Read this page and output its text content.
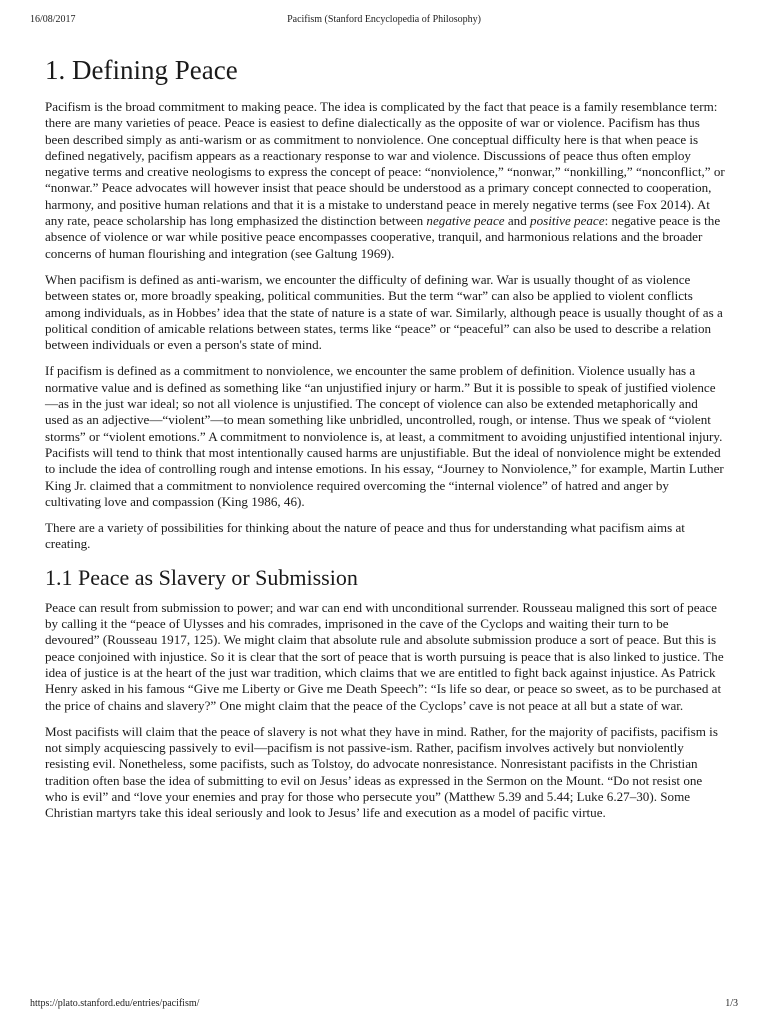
16/08/2017	Pacifism (Stanford Encyclopedia of Philosophy)
1. Defining Peace

Pacifism is the broad commitment to making peace. The idea is complicated by the fact that peace is a family resemblance term: there are many varieties of peace. Peace is easiest to define dialectically as the opposite of war or violence. Pacifism has thus been described simply as anti-warism or as commitment to nonviolence. One conceptual difficulty here is that when peace is defined negatively, pacifism appears as a reactionary response to war and violence. Discussions of peace thus often employ negative terms and creative neologisms to express the concept of peace: “nonviolence,” “nonwar,” “nonkilling,” “nonconflict,” or “nonwar.” Peace advocates will however insist that peace should be understood as a primary concept connected to cooperation, harmony, and positive human relations and that it is a mistake to understand peace in merely negative terms (see Fox 2014). At any rate, peace scholarship has long emphasized the distinction between negative peace and positive peace: negative peace is the absence of violence or war while positive peace encompasses cooperative, tranquil, and harmonious relations and the broader concerns of human flourishing and integration (see Galtung 1969).

When pacifism is defined as anti-warism, we encounter the difficulty of defining war. War is usually thought of as violence between states or, more broadly speaking, political communities. But the term “war” can also be applied to violent conflicts among individuals, as in Hobbes’ idea that the state of nature is a state of war. Similarly, although peace is usually thought of as a political condition of amicable relations between states, terms like “peace” or “peaceful” can also be used to describe a relation between individuals or even a person's state of mind.

If pacifism is defined as a commitment to nonviolence, we encounter the same problem of definition. Violence usually has a normative value and is defined as something like “an unjustified injury or harm.” But it is possible to speak of justified violence—as in the just war ideal; so not all violence is unjustified. The concept of violence can also be extended metaphorically and used as an adjective—“violent”—to mean something like unbridled, uncontrolled, rough, or intense. Thus we speak of “violent storms” or “violent emotions.” A commitment to nonviolence is, at least, a commitment to avoiding unjustified intentional injury. Pacifists will tend to think that most intentionally caused harms are unjustifiable. But the ideal of nonviolence might be extended to include the idea of controlling rough and intense emotions. In his essay, “Journey to Nonviolence,” for example, Martin Luther King Jr. claimed that a commitment to nonviolence required overcoming the “internal violence” of hatred and anger by cultivating love and compassion (King 1986, 46).

There are a variety of possibilities for thinking about the nature of peace and thus for understanding what pacifism aims at creating.

1.1 Peace as Slavery or Submission

Peace can result from submission to power; and war can end with unconditional surrender. Rousseau maligned this sort of peace by calling it the “peace of Ulysses and his comrades, imprisoned in the cave of the Cyclops and waiting their turn to be devoured” (Rousseau 1917, 125). We might claim that absolute rule and absolute submission produce a sort of peace. But this is peace conjoined with injustice. So it is clear that the sort of peace that is worth pursuing is peace that is also linked to justice. The idea of justice is at the heart of the just war tradition, which claims that we are entitled to fight back against injustice. As Patrick Henry asked in his famous “Give me Liberty or Give me Death Speech”: “Is life so dear, or peace so sweet, as to be purchased at the price of chains and slavery?” One might claim that the peace of the Cyclops’ cave is not peace at all but a state of war.

Most pacifists will claim that the peace of slavery is not what they have in mind. Rather, for the majority of pacifists, pacifism is not simply acquiescing passively to evil—pacifism is not passive-ism. Rather, pacifism involves actively but nonviolently resisting evil. Nonetheless, some pacifists, such as Tolstoy, do advocate nonresistance. Nonresistant pacifists in the Christian tradition often base the idea of submitting to evil on Jesus’ ideas as expressed in the Sermon on the Mount. “Do not resist one who is evil” and “love your enemies and pray for those who persecute you” (Matthew 5.39 and 5.44; Luke 6.27–30). Some Christian martyrs take this ideal seriously and look to Jesus’ life and execution as a model of pacific virtue.

https://plato.stanford.edu/entries/pacifism/	1/3
